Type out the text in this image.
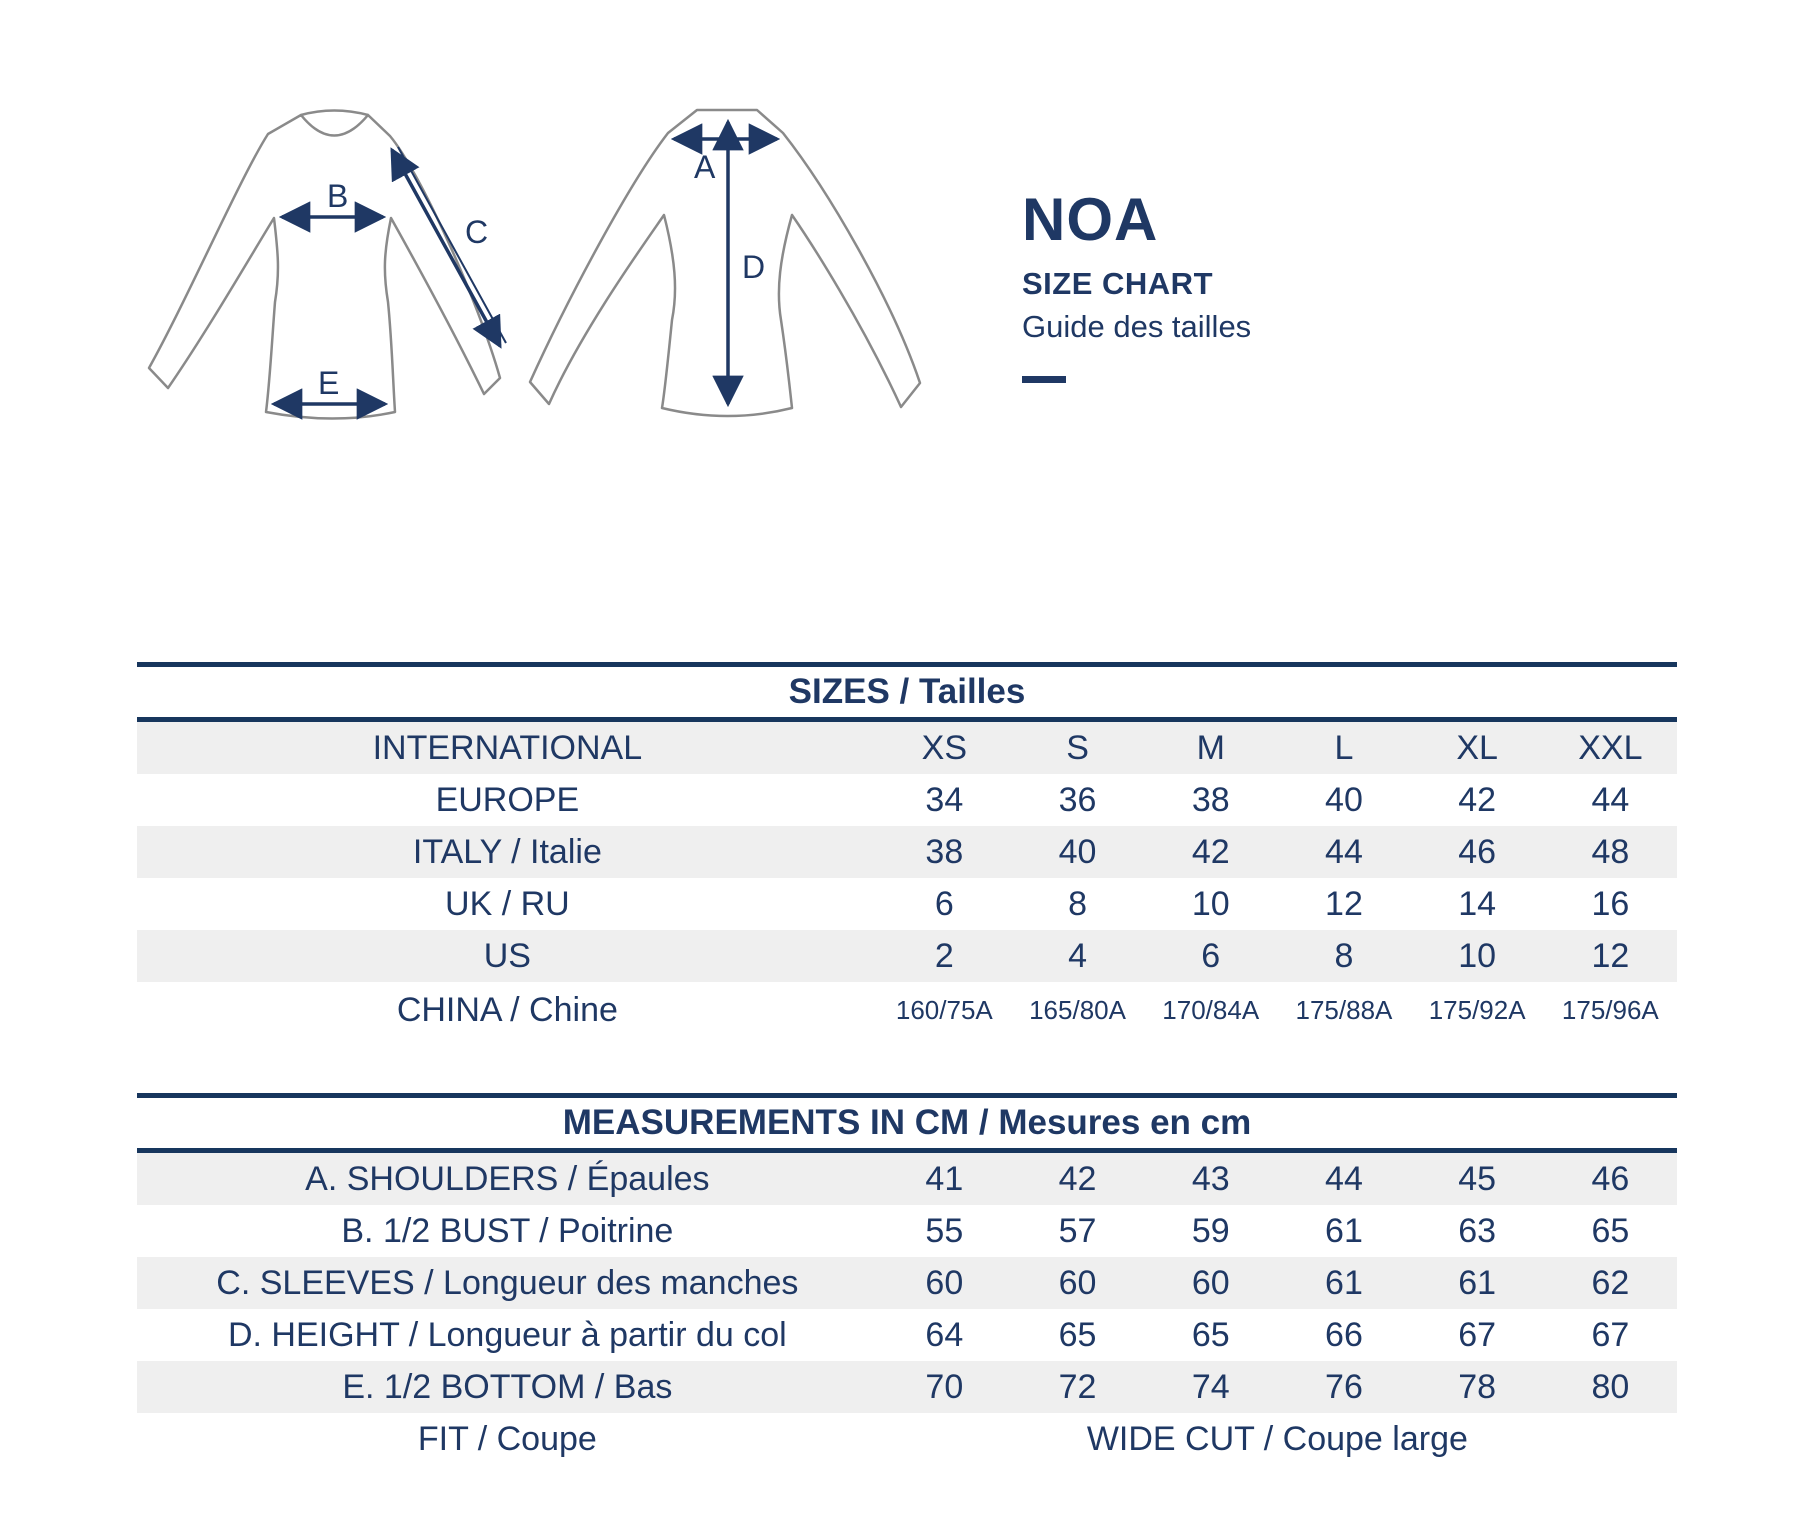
B
C
E
A
D
NOA
SIZE CHART
Guide des tailles
SIZES / Tailles
INTERNATIONAL	XS	S	M	L	XL	XXL
EUROPE	34	36	38	40	42	44
ITALY / Italie	38	40	42	44	46	48
UK / RU	6	8	10	12	14	16
US	2	4	6	8	10	12
CHINA / Chine	160/75A	165/80A	170/84A	175/88A	175/92A	175/96A
MEASUREMENTS IN CM / Mesures en cm
A. SHOULDERS / Épaules	41	42	43	44	45	46
B. 1/2 BUST / Poitrine	55	57	59	61	63	65
C. SLEEVES / Longueur des manches	60	60	60	61	61	62
D. HEIGHT / Longueur à partir du col	64	65	65	66	67	67
E. 1/2 BOTTOM / Bas	70	72	74	76	78	80
FIT / Coupe	WIDE CUT / Coupe large
